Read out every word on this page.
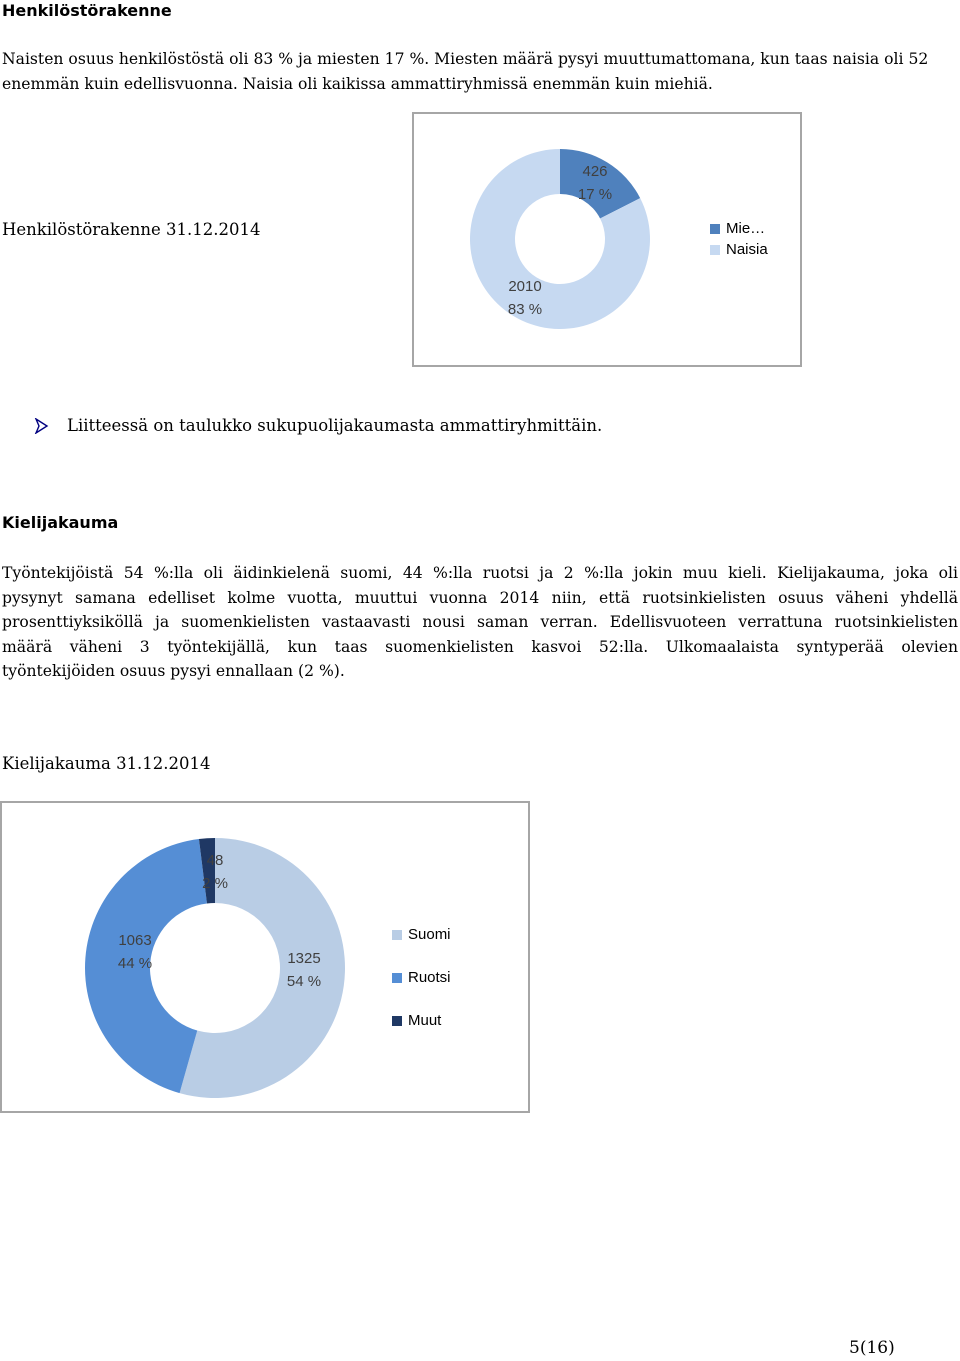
Henkilöstörakenne
Naisten osuus henkilöstöstä oli 83 % ja miesten 17 %. Miesten määrä pysyi muuttumattomana, kun taas naisia oli 52
enemmän kuin edellisvuonna. Naisia oli kaikissa ammattiryhmissä enemmän kuin miehiä.
Henkilöstörakenne 31.12.2014
426
17 %
2010
83 %
Mie…
Naisia
Liitteessä on taulukko sukupuolijakaumasta ammattiryhmittäin.
Kielijakauma
Työntekijöistä 54 %:lla oli äidinkielenä suomi, 44 %:lla ruotsi ja 2 %:lla jokin muu kieli. Kielijakauma, joka oli
pysynyt samana edelliset kolme vuotta, muuttui vuonna 2014 niin, että ruotsinkielisten osuus väheni yhdellä
prosenttiyksiköllä ja suomenkielisten vastaavasti nousi saman verran. Edellisvuoteen verrattuna ruotsinkielisten
määrä väheni 3 työntekijällä, kun taas suomenkielisten kasvoi 52:lla. Ulkomaalaista syntyperää olevien
työntekijöiden osuus pysyi ennallaan (2 %).
Kielijakauma 31.12.2014
1325
54 %
1063
44 %
48
2 %
Suomi
Ruotsi
Muut
5(16)
